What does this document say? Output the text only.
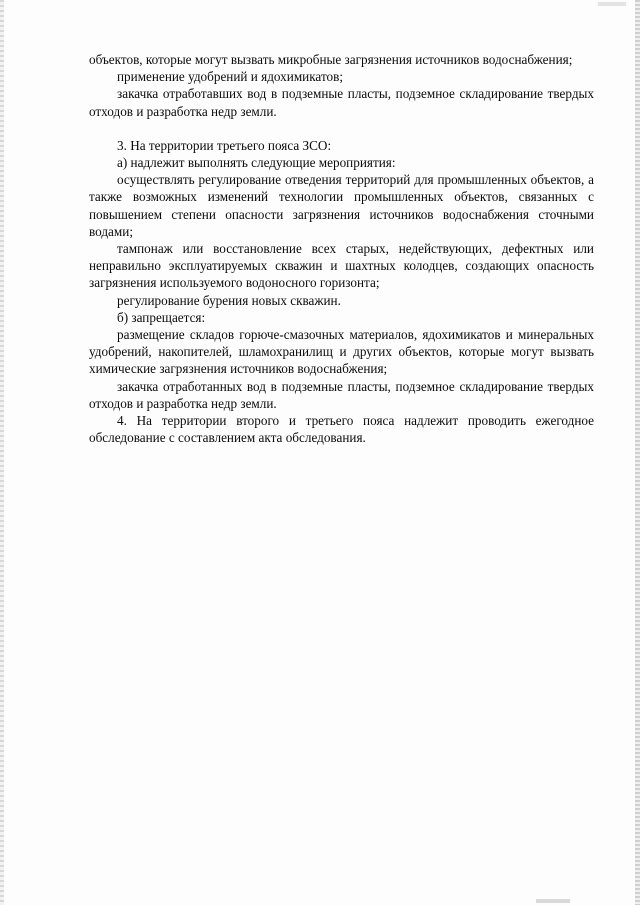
объектов, которые могут вызвать микробные загрязнения источников водоснабжения;

применение удобрений и ядохимикатов;

закачка отработавших вод в подземные пласты, подземное складирование твердых отходов и разработка недр земли.

3. На территории третьего пояса ЗСО:

а) надлежит выполнять следующие мероприятия:

осуществлять регулирование отведения территорий для промышленных объектов, а также возможных изменений технологии промышленных объектов, связанных с повышением степени опасности загрязнения источников водоснабжения сточными водами;

тампонаж или восстановление всех старых, недействующих, дефектных или неправильно эксплуатируемых скважин и шахтных колодцев, создающих опасность загрязнения используемого водоносного горизонта;

регулирование бурения новых скважин.

б) запрещается:

размещение складов горюче-смазочных материалов, ядохимикатов и минеральных удобрений, накопителей, шламохранилищ и других объектов, которые могут вызвать химические загрязнения источников водоснабжения;

закачка отработанных вод в подземные пласты, подземное складирование твердых отходов и разработка недр земли.

4. На территории второго и третьего пояса надлежит проводить ежегодное обследование с составлением акта обследования.
